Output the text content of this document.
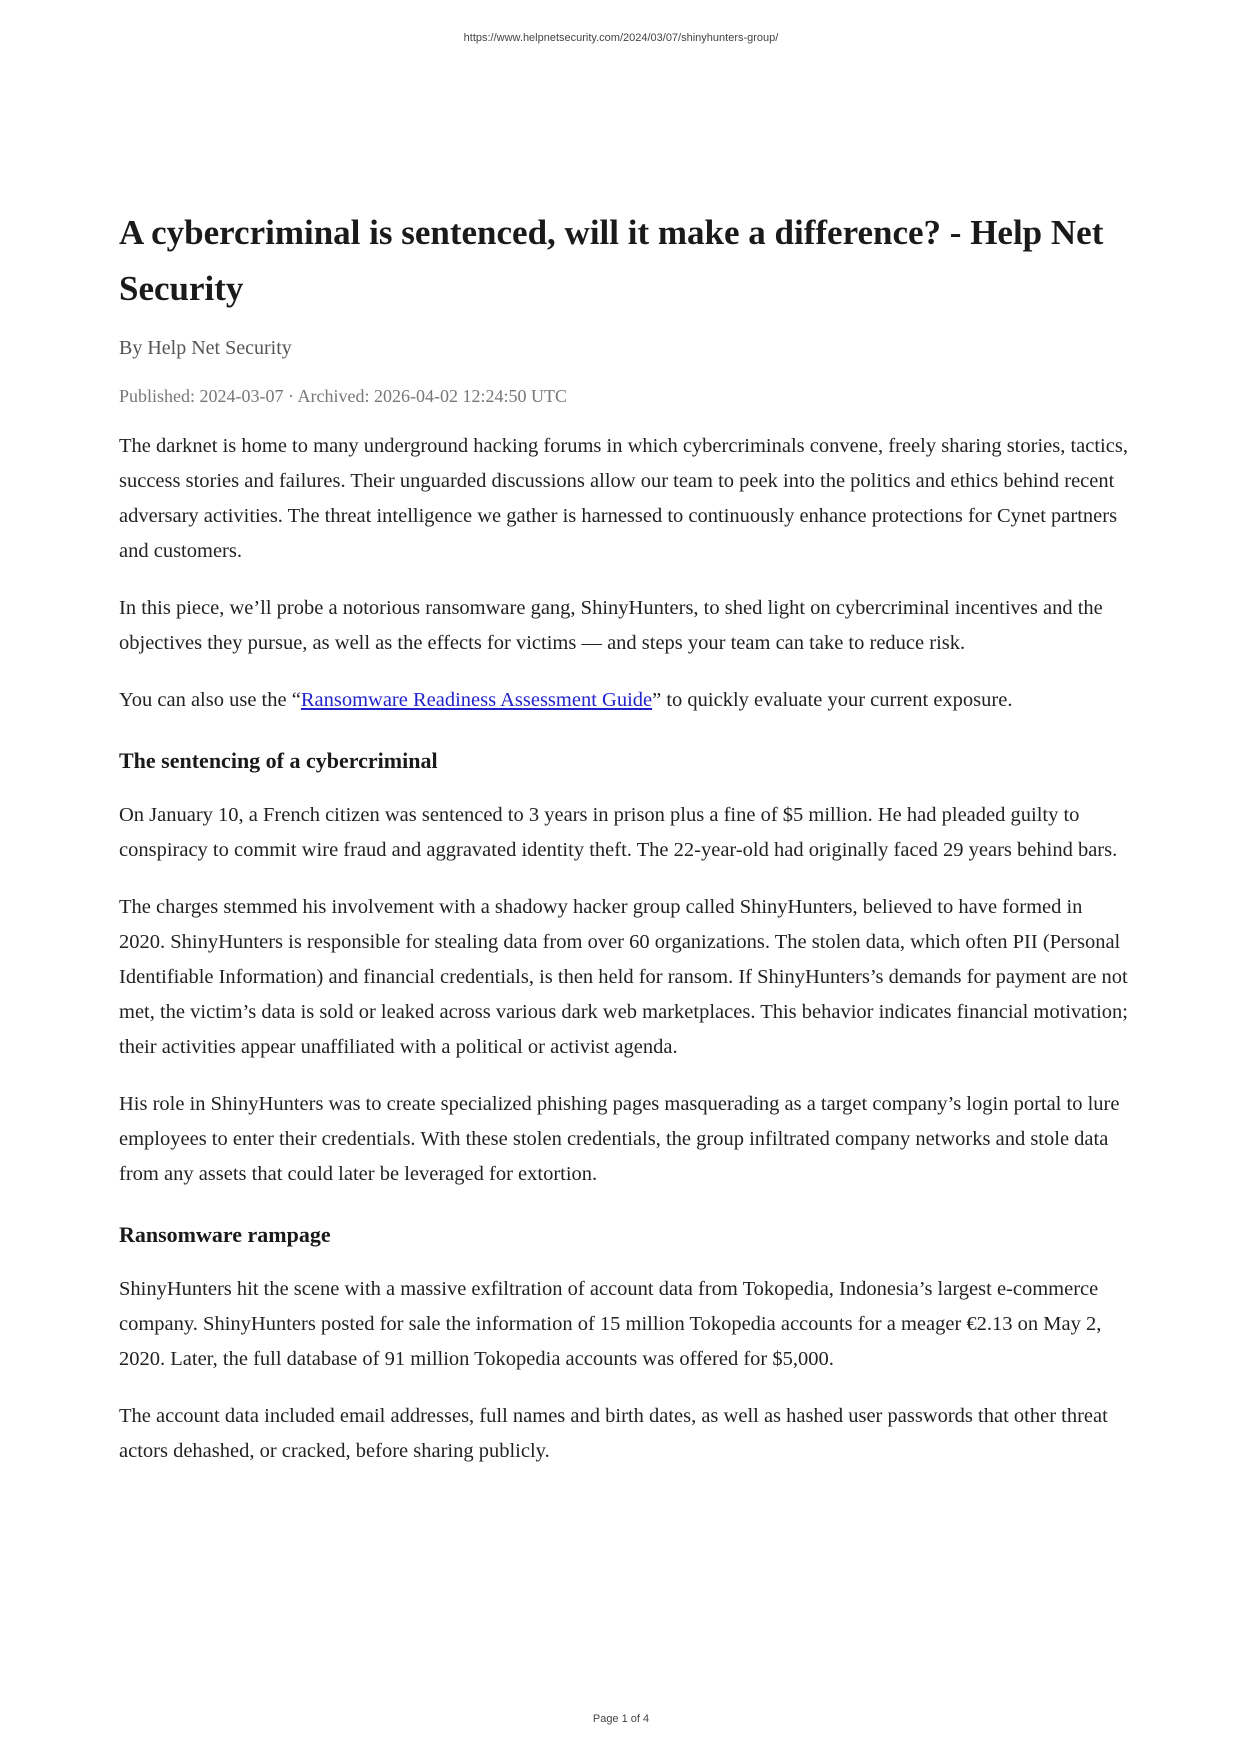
https://www.helpnetsecurity.com/2024/03/07/shinyhunters-group/
A cybercriminal is sentenced, will it make a difference? - Help Net Security
By Help Net Security
Published: 2024-03-07 · Archived: 2026-04-02 12:24:50 UTC

The darknet is home to many underground hacking forums in which cybercriminals convene, freely sharing stories, tactics, success stories and failures. Their unguarded discussions allow our team to peek into the politics and ethics behind recent adversary activities. The threat intelligence we gather is harnessed to continuously enhance protections for Cynet partners and customers.

In this piece, we’ll probe a notorious ransomware gang, ShinyHunters, to shed light on cybercriminal incentives and the objectives they pursue, as well as the effects for victims — and steps your team can take to reduce risk.

You can also use the “Ransomware Readiness Assessment Guide” to quickly evaluate your current exposure.

The sentencing of a cybercriminal

On January 10, a French citizen was sentenced to 3 years in prison plus a fine of $5 million. He had pleaded guilty to conspiracy to commit wire fraud and aggravated identity theft. The 22-year-old had originally faced 29 years behind bars.

The charges stemmed his involvement with a shadowy hacker group called ShinyHunters, believed to have formed in 2020. ShinyHunters is responsible for stealing data from over 60 organizations. The stolen data, which often PII (Personal Identifiable Information) and financial credentials, is then held for ransom. If ShinyHunters’s demands for payment are not met, the victim’s data is sold or leaked across various dark web marketplaces. This behavior indicates financial motivation; their activities appear unaffiliated with a political or activist agenda.

His role in ShinyHunters was to create specialized phishing pages masquerading as a target company’s login portal to lure employees to enter their credentials. With these stolen credentials, the group infiltrated company networks and stole data from any assets that could later be leveraged for extortion.

Ransomware rampage

ShinyHunters hit the scene with a massive exfiltration of account data from Tokopedia, Indonesia’s largest e-commerce company. ShinyHunters posted for sale the information of 15 million Tokopedia accounts for a meager €2.13 on May 2, 2020. Later, the full database of 91 million Tokopedia accounts was offered for $5,000.

The account data included email addresses, full names and birth dates, as well as hashed user passwords that other threat actors dehashed, or cracked, before sharing publicly.

Page 1 of 4
